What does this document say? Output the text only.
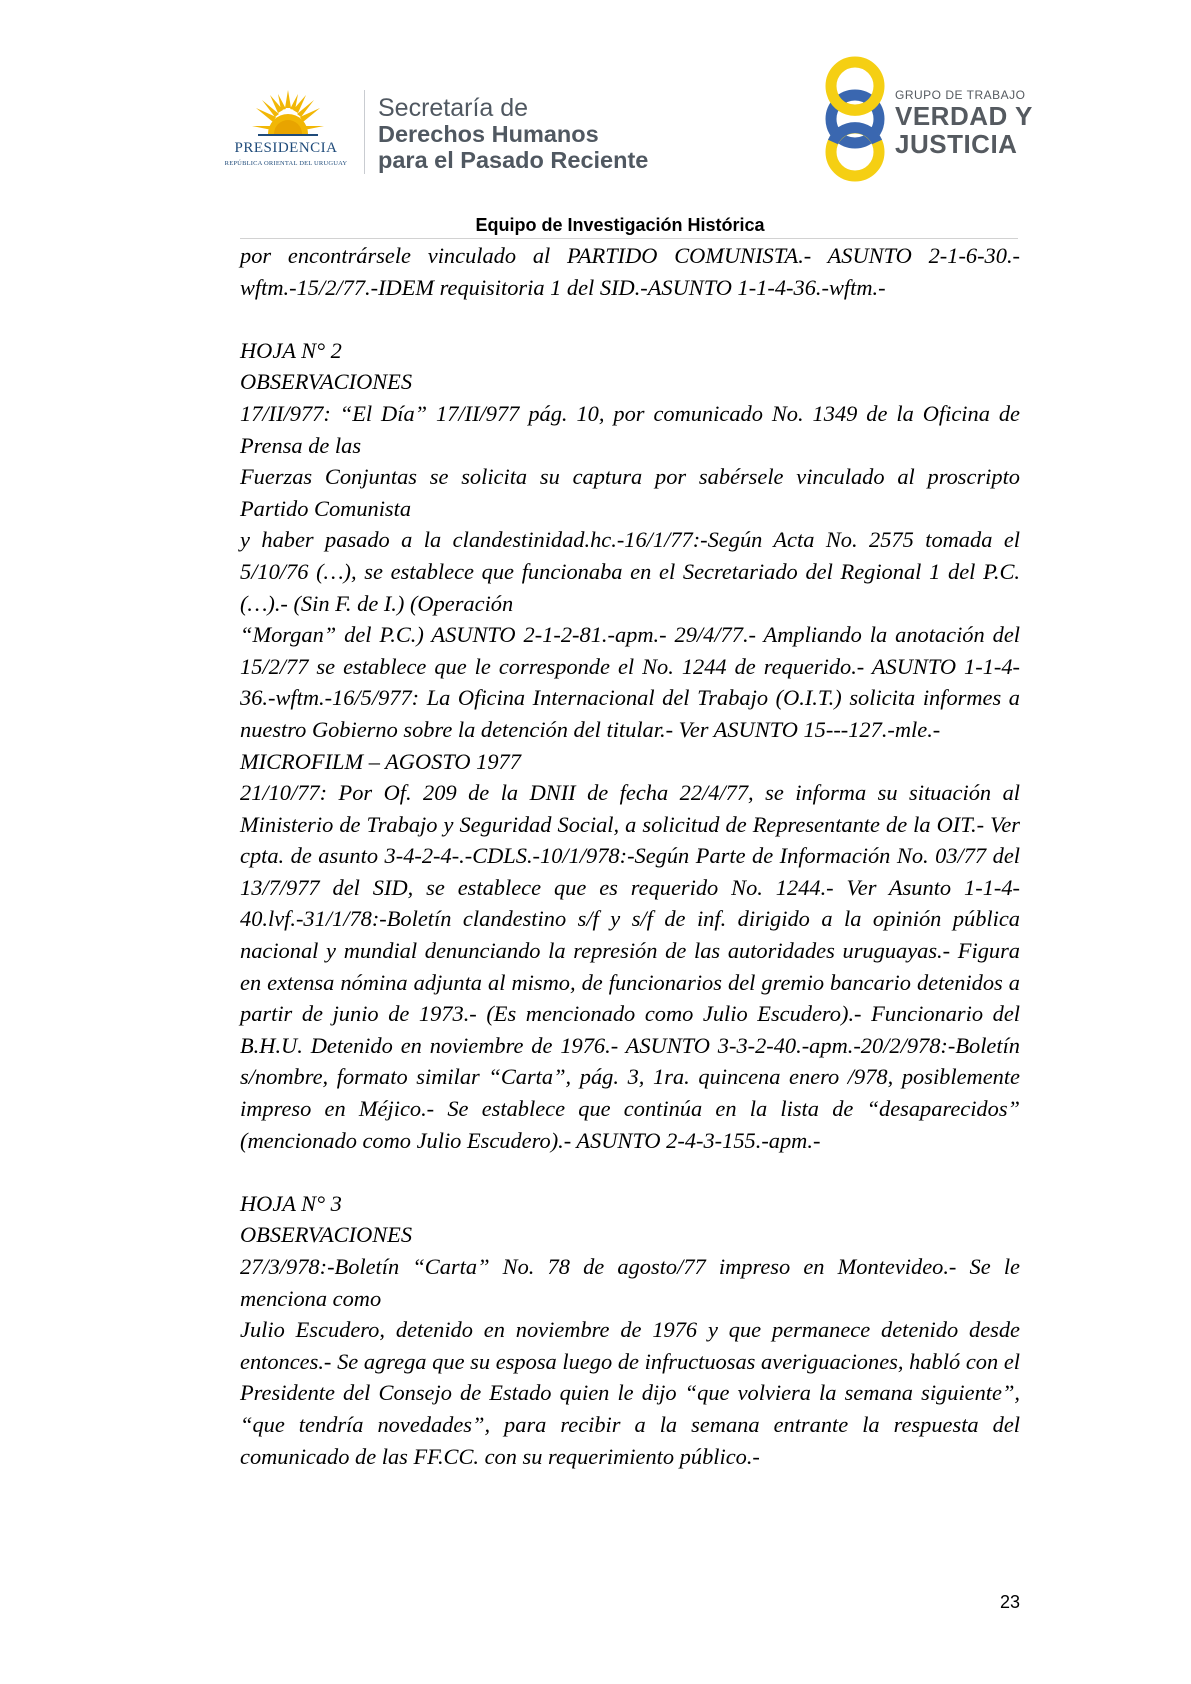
PRESIDENCIA
REPÚBLICA ORIENTAL DEL URUGUAY
Secretaría de
Derechos Humanos
para el Pasado Reciente
GRUPO DE TRABAJO
VERDAD Y
JUSTICIA
Equipo de Investigación Histórica

por encontrársele vinculado al PARTIDO COMUNISTA.- ASUNTO 2-1-6-30.- wftm.-15/2/77.-IDEM requisitoria 1 del SID.-ASUNTO 1-1-4-36.-wftm.-

HOJA N° 2

OBSERVACIONES

17/II/977: “El Día” 17/II/977 pág. 10, por comunicado No. 1349 de la Oficina de Prensa de las

Fuerzas Conjuntas se solicita su captura por sabérsele vinculado al proscripto Partido Comunista

y haber pasado a la clandestinidad.hc.-16/1/77:-Según Acta No. 2575 tomada el 5/10/76 (…), se establece que funcionaba en el Secretariado del Regional 1 del P.C. (…).- (Sin F. de I.) (Operación

“Morgan” del P.C.) ASUNTO 2-1-2-81.-apm.- 29/4/77.- Ampliando la anotación del 15/2/77 se establece que le corresponde el No. 1244 de requerido.- ASUNTO 1-1-4-36.-wftm.-16/5/977: La Oficina Internacional del Trabajo (O.I.T.) solicita informes a nuestro Gobierno sobre la detención del titular.- Ver ASUNTO 15---127.-mle.-

MICROFILM – AGOSTO 1977

21/10/77: Por Of. 209 de la DNII de fecha 22/4/77, se informa su situación al Ministerio de Trabajo y Seguridad Social, a solicitud de Representante de la OIT.- Ver cpta. de asunto 3-4-2-4-.-CDLS.-10/1/978:-Según Parte de Información No. 03/77 del 13/7/977 del SID, se establece que es requerido No. 1244.- Ver Asunto 1-1-4-40.lvf.-31/1/78:-Boletín clandestino s/f y s/f de inf. dirigido a la opinión pública nacional y mundial denunciando la represión de las autoridades uruguayas.- Figura en extensa nómina adjunta al mismo, de funcionarios del gremio bancario detenidos a partir de junio de 1973.- (Es mencionado como Julio Escudero).- Funcionario del B.H.U. Detenido en noviembre de 1976.- ASUNTO 3-3-2-40.-apm.-20/2/978:-Boletín s/nombre, formato similar “Carta”, pág. 3, 1ra. quincena enero /978, posiblemente impreso en Méjico.- Se establece que continúa en la lista de “desaparecidos” (mencionado como Julio Escudero).- ASUNTO 2-4-3-155.-apm.-

HOJA N° 3

OBSERVACIONES

27/3/978:-Boletín “Carta” No. 78 de agosto/77 impreso en Montevideo.- Se le menciona como

Julio Escudero, detenido en noviembre de 1976 y que permanece detenido desde entonces.- Se agrega que su esposa luego de infructuosas averiguaciones, habló con el Presidente del Consejo de Estado quien le dijo “que volviera la semana siguiente”, “que tendría novedades”, para recibir a la semana entrante la respuesta del comunicado de las FF.CC. con su requerimiento público.-

23
